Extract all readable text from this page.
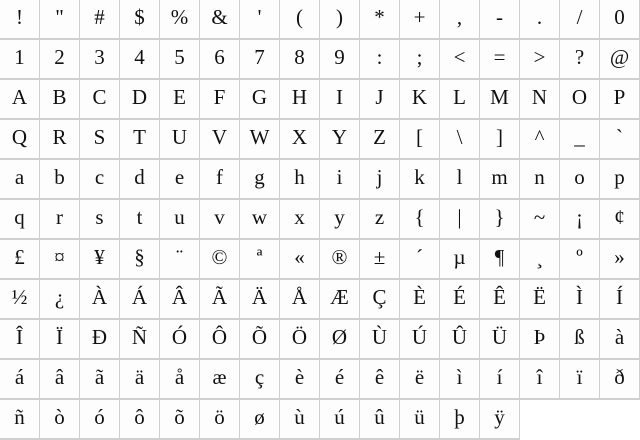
! " # $ % & ' ( ) * + , - . / 0
1 2 3 4 5 6 7 8 9 : ; < = > ? @
A B C D E F G H I J K L M N O P
Q R S T U V W X Y Z [ \ ] ^ _ `
a b c d e f g h i j k l m n o p
q r s t u v w x y z { | } ~ ¡ ¢
£ ¤ ¥ § ¨ © ª « ® ± ´ µ ¶ ¸ º »
½ ¿ À Á Â Ã Ä Å Æ Ç È É Ê Ë Ì Í
Î Ï Ð Ñ Ó Ô Õ Ö Ø Ù Ú Û Ü Þ ß à
á â ã ä å æ ç è é ê ë ì í î ï ð
ñ ò ó ô õ ö ø ù ú û ü þ ÿ
